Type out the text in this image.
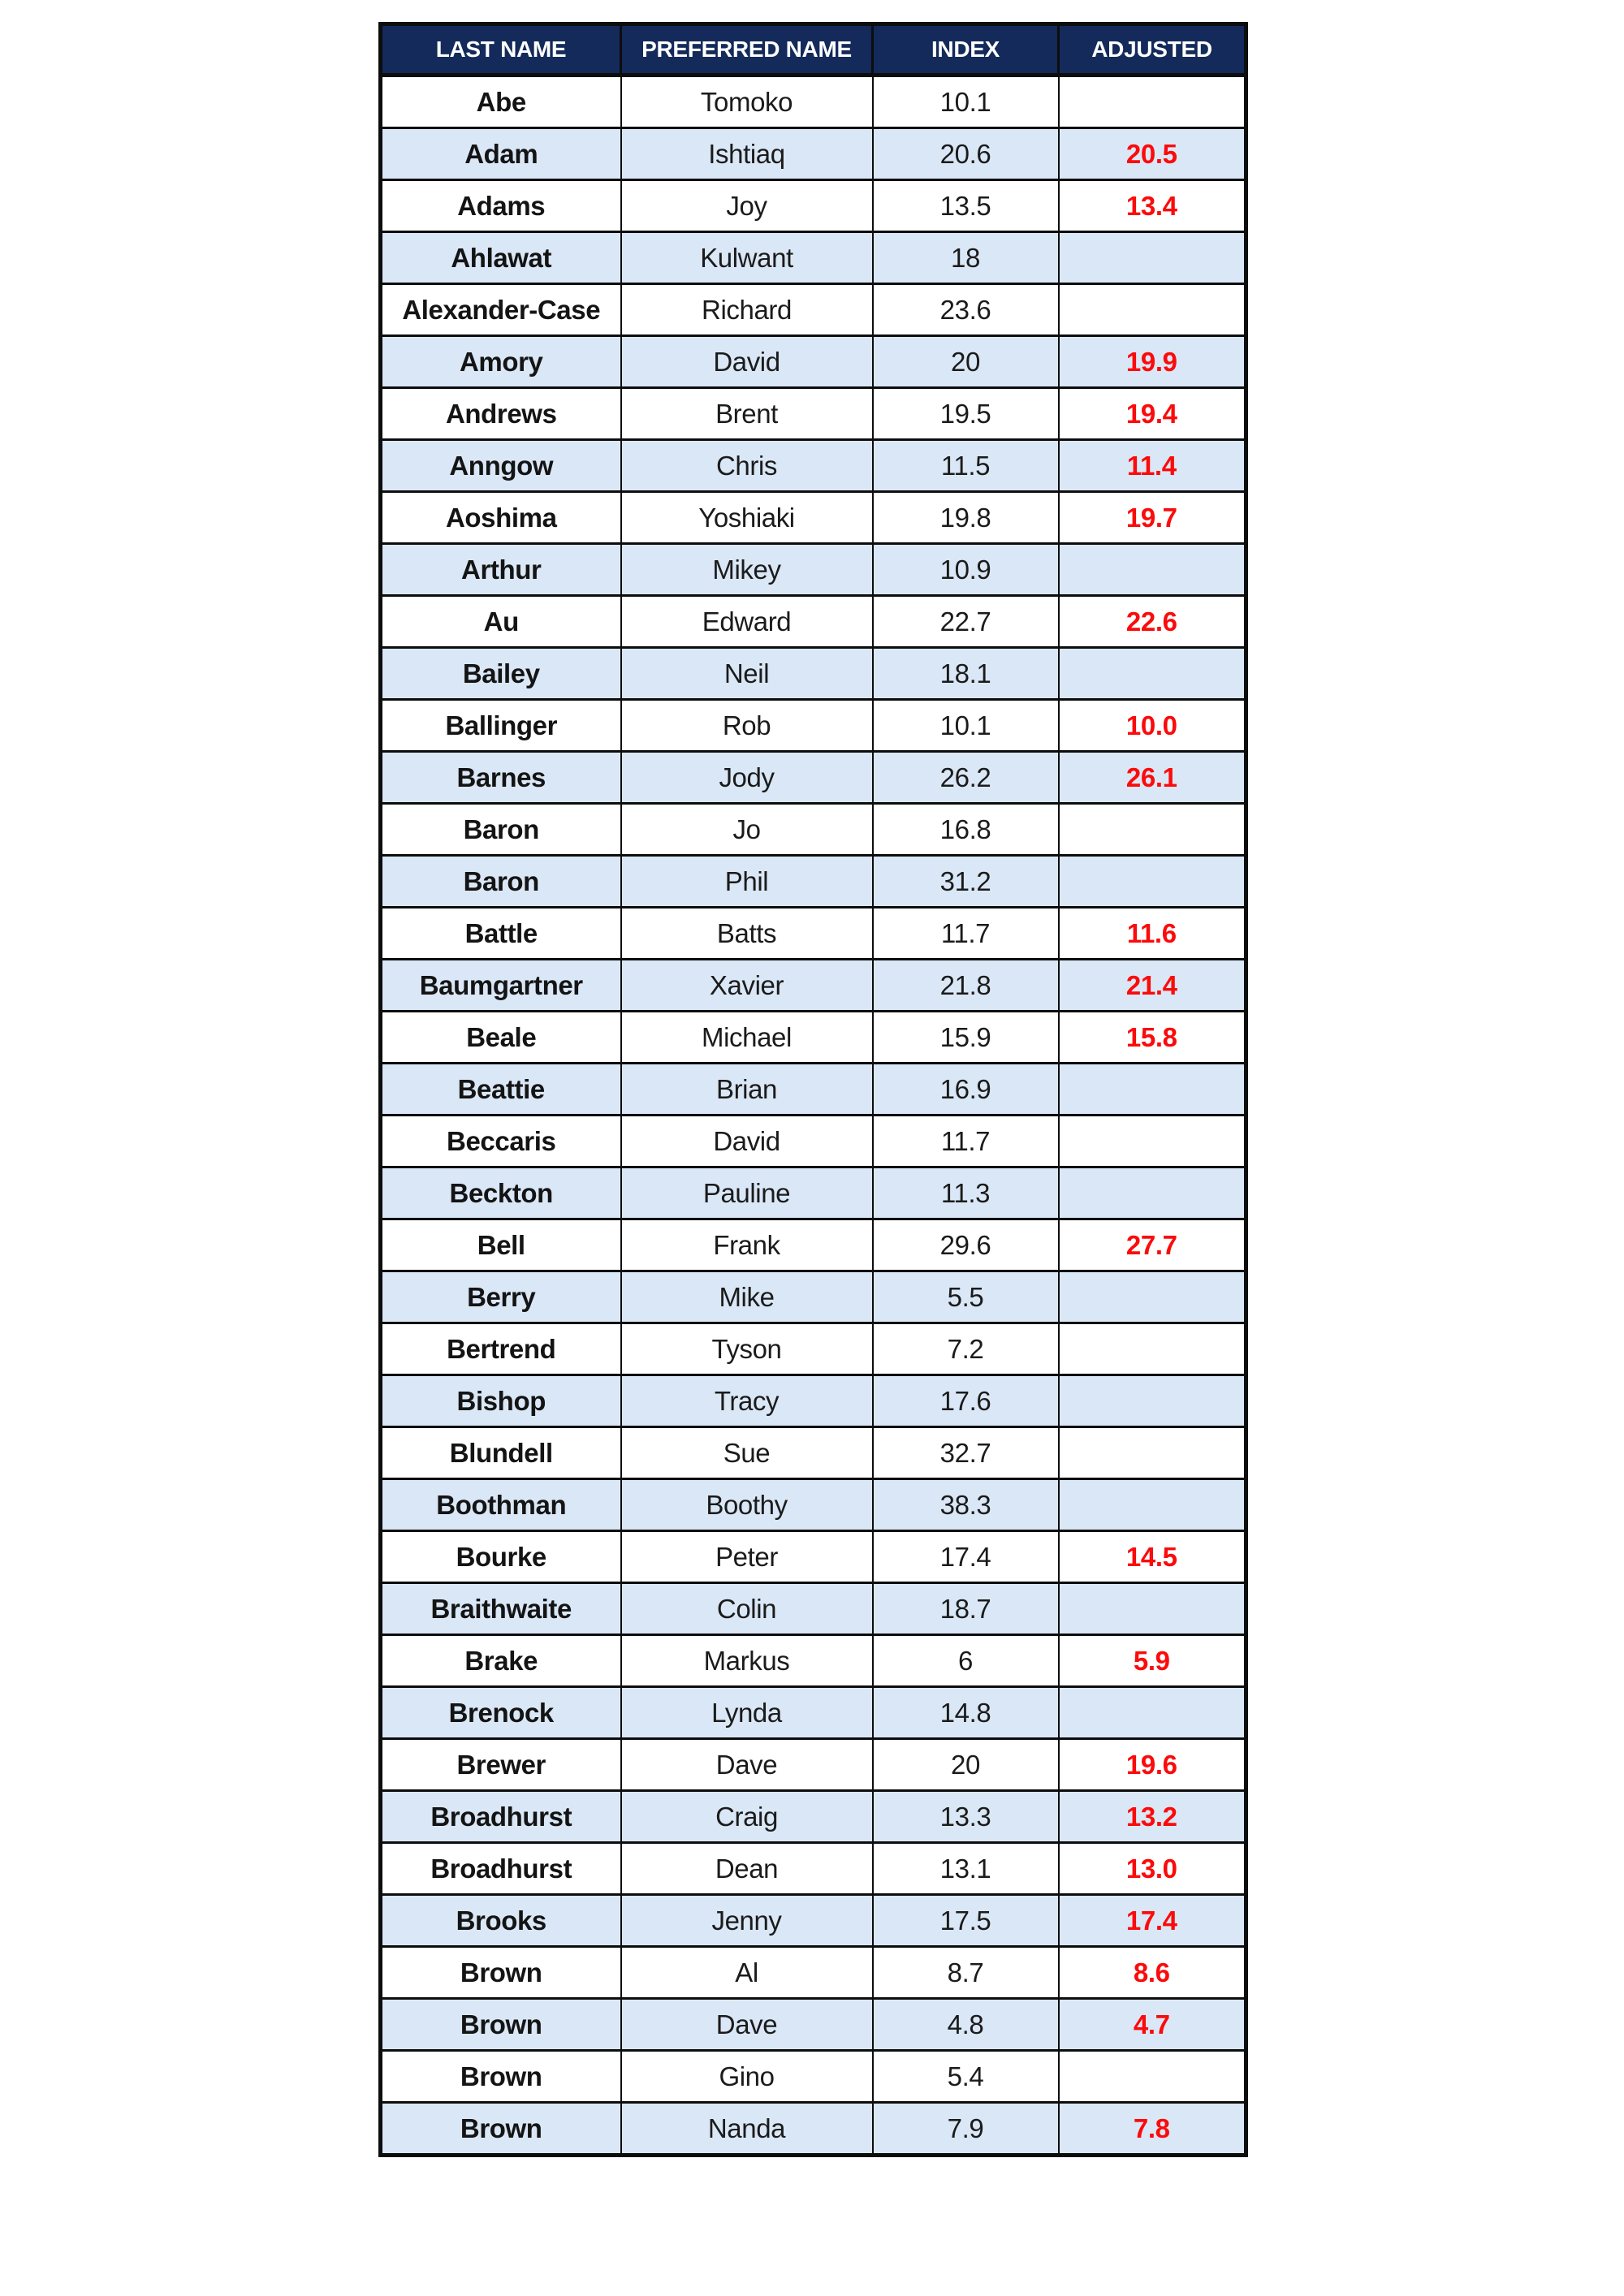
LAST NAME	PREFERRED NAME	INDEX	ADJUSTED
Abe	Tomoko	10.1	
Adam	Ishtiaq	20.6	20.5
Adams	Joy	13.5	13.4
Ahlawat	Kulwant	18	
Alexander-Case	Richard	23.6	
Amory	David	20	19.9
Andrews	Brent	19.5	19.4
Anngow	Chris	11.5	11.4
Aoshima	Yoshiaki	19.8	19.7
Arthur	Mikey	10.9	
Au	Edward	22.7	22.6
Bailey	Neil	18.1	
Ballinger	Rob	10.1	10.0
Barnes	Jody	26.2	26.1
Baron	Jo	16.8	
Baron	Phil	31.2	
Battle	Batts	11.7	11.6
Baumgartner	Xavier	21.8	21.4
Beale	Michael	15.9	15.8
Beattie	Brian	16.9	
Beccaris	David	11.7	
Beckton	Pauline	11.3	
Bell	Frank	29.6	27.7
Berry	Mike	5.5	
Bertrend	Tyson	7.2	
Bishop	Tracy	17.6	
Blundell	Sue	32.7	
Boothman	Boothy	38.3	
Bourke	Peter	17.4	14.5
Braithwaite	Colin	18.7	
Brake	Markus	6	5.9
Brenock	Lynda	14.8	
Brewer	Dave	20	19.6
Broadhurst	Craig	13.3	13.2
Broadhurst	Dean	13.1	13.0
Brooks	Jenny	17.5	17.4
Brown	Al	8.7	8.6
Brown	Dave	4.8	4.7
Brown	Gino	5.4	
Brown	Nanda	7.9	7.8
